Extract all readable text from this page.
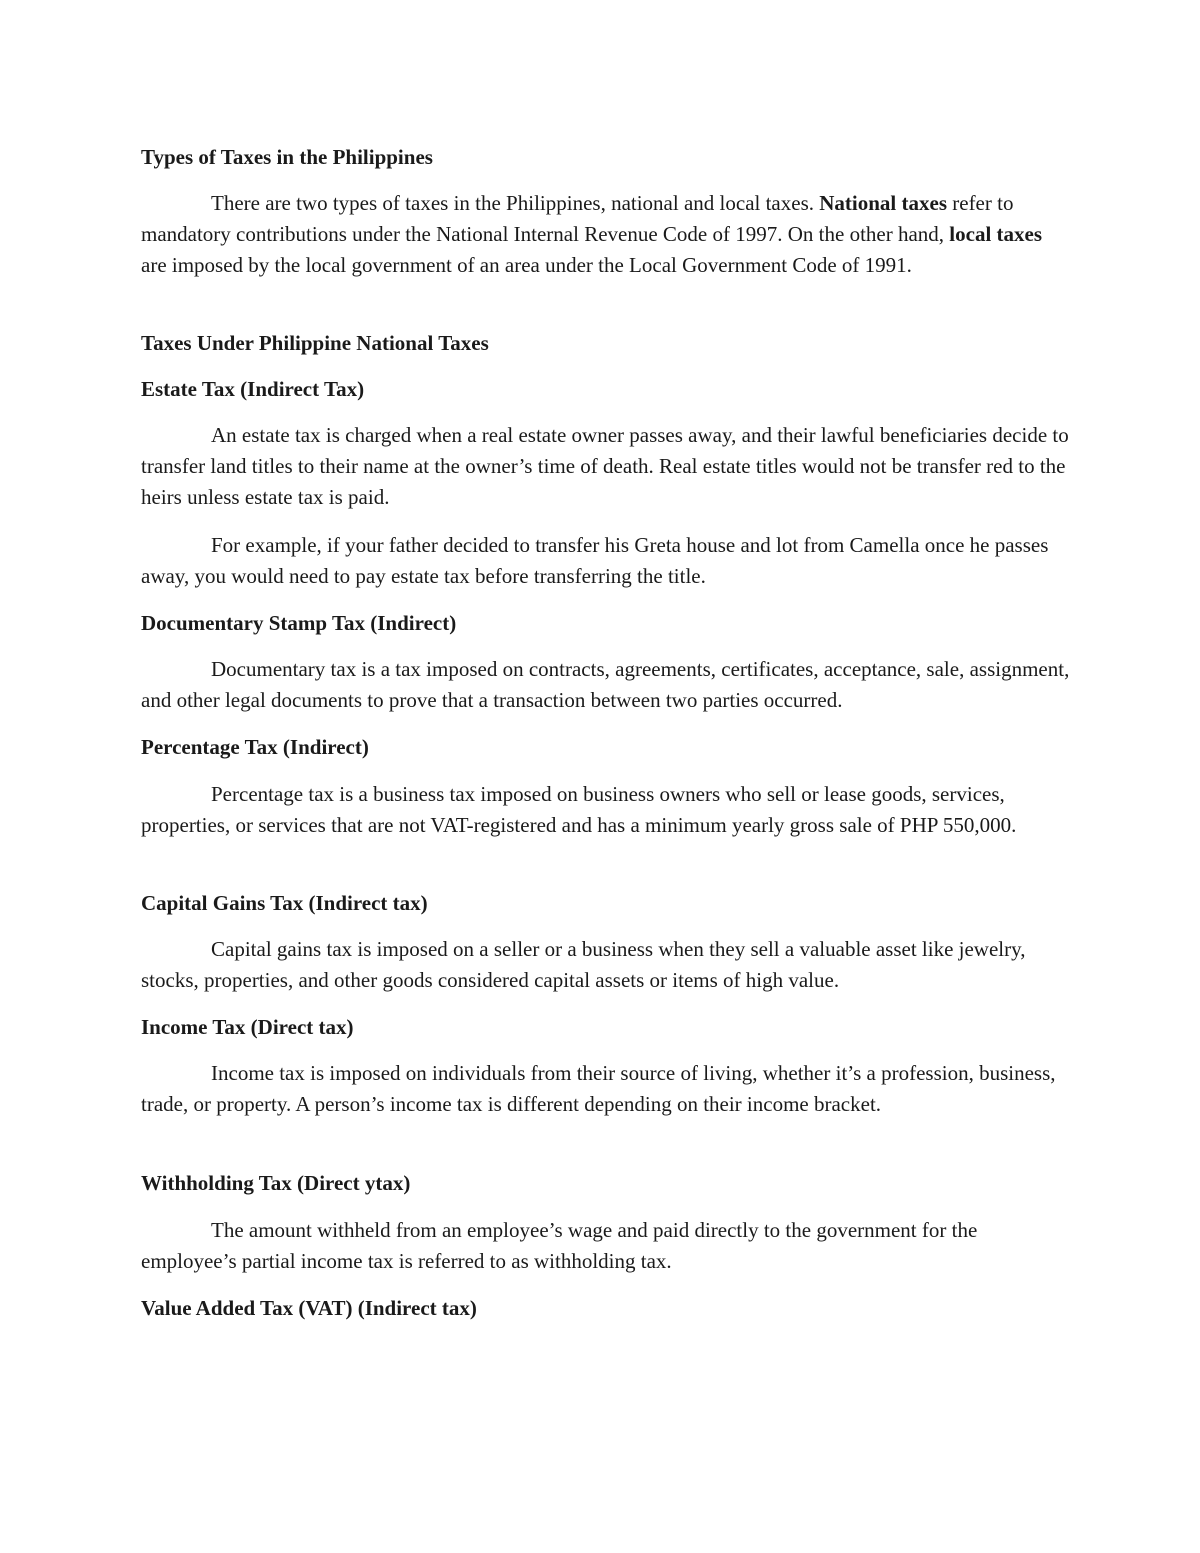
Types of Taxes in the Philippines

There are two types of taxes in the Philippines, national and local taxes. National taxes refer to mandatory contributions under the National Internal Revenue Code of 1997. On the other hand, local taxes are imposed by the local government of an area under the Local Government Code of 1991.

Taxes Under Philippine National Taxes

Estate Tax (Indirect Tax)

An estate tax is charged when a real estate owner passes away, and their lawful beneficiaries decide to transfer land titles to their name at the owner’s time of death. Real estate titles would not be transfer red to the heirs unless estate tax is paid.

For example, if your father decided to transfer his Greta house and lot from Camella once he passes away, you would need to pay estate tax before transferring the title.

Documentary Stamp Tax (Indirect)

Documentary tax is a tax imposed on contracts, agreements, certificates, acceptance, sale, assignment, and other legal documents to prove that a transaction between two parties occurred.

Percentage Tax (Indirect)

Percentage tax is a business tax imposed on business owners who sell or lease goods, services, properties, or services that are not VAT-registered and has a minimum yearly gross sale of PHP 550,000.

Capital Gains Tax (Indirect tax)

Capital gains tax is imposed on a seller or a business when they sell a valuable asset like jewelry, stocks, properties, and other goods considered capital assets or items of high value.

Income Tax (Direct tax)

Income tax is imposed on individuals from their source of living, whether it’s a profession, business, trade, or property. A person’s income tax is different depending on their income bracket.

Withholding Tax (Direct ytax)

The amount withheld from an employee’s wage and paid directly to the government for the employee’s partial income tax is referred to as withholding tax.

Value Added Tax (VAT) (Indirect tax)
